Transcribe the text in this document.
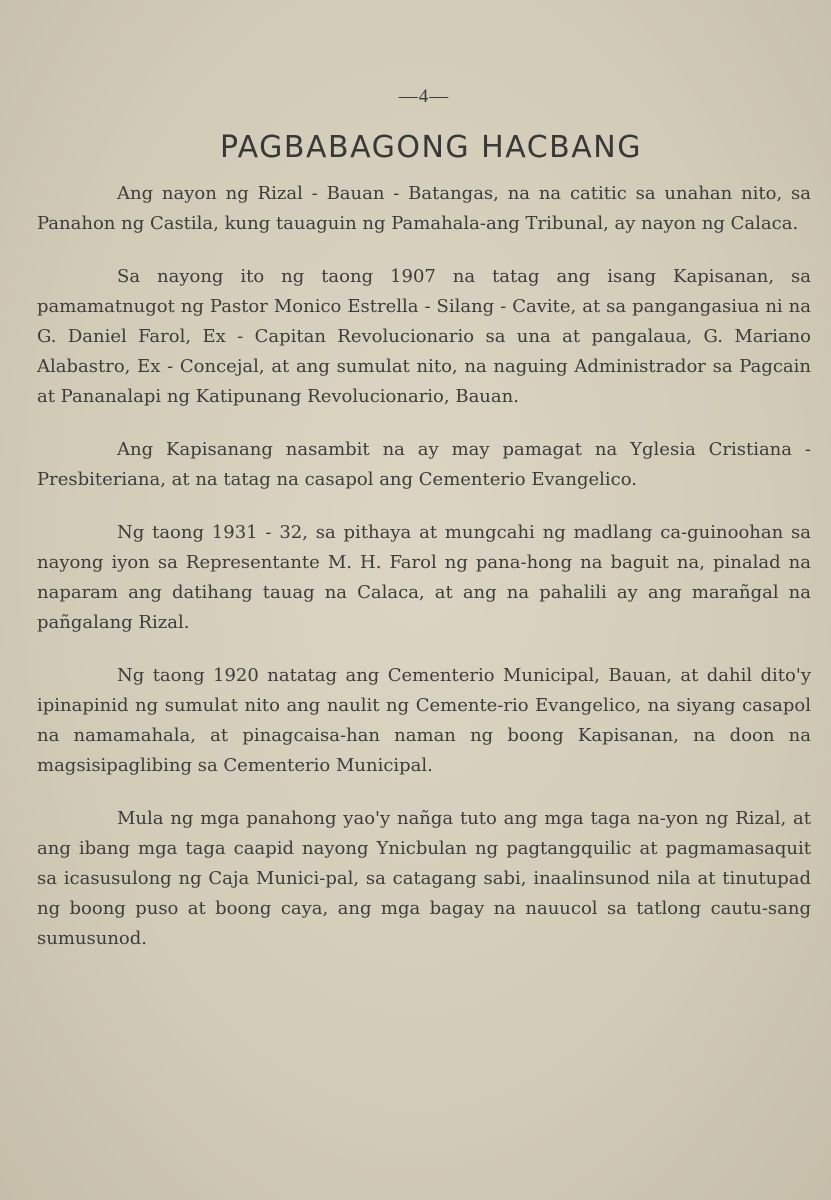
—4—
PAGBABAGONG HACBANG

Ang nayon ng Rizal - Bauan - Batangas, na na catitic sa unahan nito, sa Panahon ng Castila, kung tauaguin ng Pamahala-ang Tribunal, ay nayon ng Calaca.

Sa nayong ito ng taong 1907 na tatag ang isang Kapisanan, sa pamamatnugot ng Pastor Monico Estrella - Silang - Cavite, at sa pangangasiua ni na G. Daniel Farol, Ex - Capitan Revolucionario sa una at pangalaua, G. Mariano Alabastro, Ex - Concejal, at ang sumulat nito, na naguing Administrador sa Pagcain at Pananalapi ng Katipunang Revolucionario, Bauan.

Ang Kapisanang nasambit na ay may pamagat na Yglesia Cristiana - Presbiteriana, at na tatag na casapol ang Cementerio Evangelico.

Ng taong 1931 - 32, sa pithaya at mungcahi ng madlang ca-guinoohan sa nayong iyon sa Representante M. H. Farol ng pana-hong na baguit na, pinalad na naparam ang datihang tauag na Calaca, at ang na pahalili ay ang marañgal na pañgalang Rizal.

Ng taong 1920 natatag ang Cementerio Municipal, Bauan, at dahil dito'y ipinapinid ng sumulat nito ang naulit ng Cemente-rio Evangelico, na siyang casapol na namamahala, at pinagcaisa-han naman ng boong Kapisanan, na doon na magsisipaglibing sa Cementerio Municipal.

Mula ng mga panahong yao'y nañga tuto ang mga taga na-yon ng Rizal, at ang ibang mga taga caapid nayong Ynicbulan ng pagtangquilic at pagmamasaquit sa icasusulong ng Caja Munici-pal, sa catagang sabi, inaalinsunod nila at tinutupad ng boong puso at boong caya, ang mga bagay na nauucol sa tatlong cautu-sang sumusunod.
